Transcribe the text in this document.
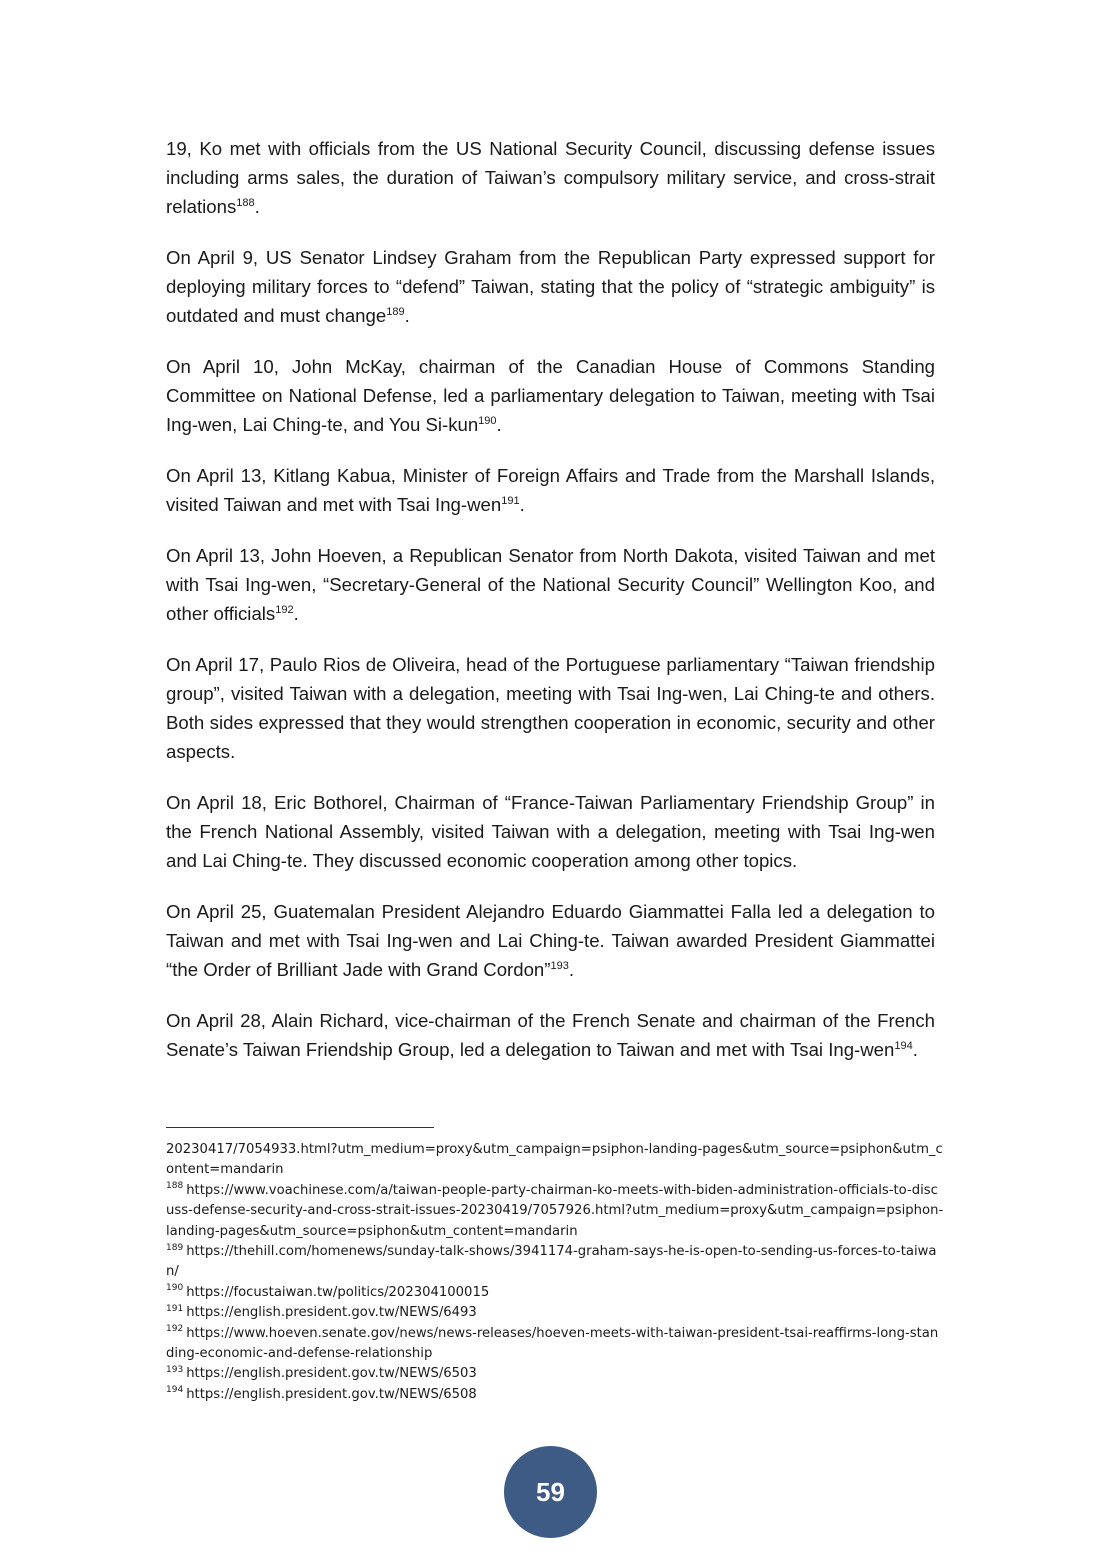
19, Ko met with officials from the US National Security Council, discussing defense issues including arms sales, the duration of Taiwan’s compulsory military service, and cross-strait relations$^{188}$.

On April 9, US Senator Lindsey Graham from the Republican Party expressed support for deploying military forces to “defend” Taiwan, stating that the policy of “strategic ambiguity” is outdated and must change$^{189}$.

On April 10, John McKay, chairman of the Canadian House of Commons Standing Committee on National Defense, led a parliamentary delegation to Taiwan, meeting with Tsai Ing-wen, Lai Ching-te, and You Si-kun$^{190}$.

On April 13, Kitlang Kabua, Minister of Foreign Affairs and Trade from the Marshall Islands, visited Taiwan and met with Tsai Ing-wen$^{191}$.

On April 13, John Hoeven, a Republican Senator from North Dakota, visited Taiwan and met with Tsai Ing-wen, “Secretary-General of the National Security Council” Wellington Koo, and other officials$^{192}$.

On April 17, Paulo Rios de Oliveira, head of the Portuguese parliamentary “Taiwan friendship group”, visited Taiwan with a delegation, meeting with Tsai Ing-wen, Lai Ching-te and others. Both sides expressed that they would strengthen cooperation in economic, security and other aspects.

On April 18, Eric Bothorel, Chairman of “France-Taiwan Parliamentary Friendship Group” in the French National Assembly, visited Taiwan with a delegation, meeting with Tsai Ing-wen and Lai Ching-te. They discussed economic cooperation among other topics.

On April 25, Guatemalan President Alejandro Eduardo Giammattei Falla led a delegation to Taiwan and met with Tsai Ing-wen and Lai Ching-te. Taiwan awarded President Giammattei “the Order of Brilliant Jade with Grand Cordon”$^{193}$.

On April 28, Alain Richard, vice-chairman of the French Senate and chairman of the French Senate’s Taiwan Friendship Group, led a delegation to Taiwan and met with Tsai Ing-wen$^{194}$.

20230417/7054933.html?utm_medium=proxy&utm_campaign=psiphon-landing-pages&utm_source=psiphon&utm_content=mandarin

$^{188}$ https://www.voachinese.com/a/taiwan-people-party-chairman-ko-meets-with-biden-administration-officials-to-discuss-defense-security-and-cross-strait-issues-20230419/7057926.html?utm_medium=proxy&utm_campaign=psiphon-landing-pages&utm_source=psiphon&utm_content=mandarin

$^{189}$ https://thehill.com/homenews/sunday-talk-shows/3941174-graham-says-he-is-open-to-sending-us-forces-to-taiwan/

$^{190}$ https://focustaiwan.tw/politics/202304100015

$^{191}$ https://english.president.gov.tw/NEWS/6493

$^{192}$ https://www.hoeven.senate.gov/news/news-releases/hoeven-meets-with-taiwan-president-tsai-reaffirms-long-standing-economic-and-defense-relationship

$^{193}$ https://english.president.gov.tw/NEWS/6503

$^{194}$ https://english.president.gov.tw/NEWS/6508

59
